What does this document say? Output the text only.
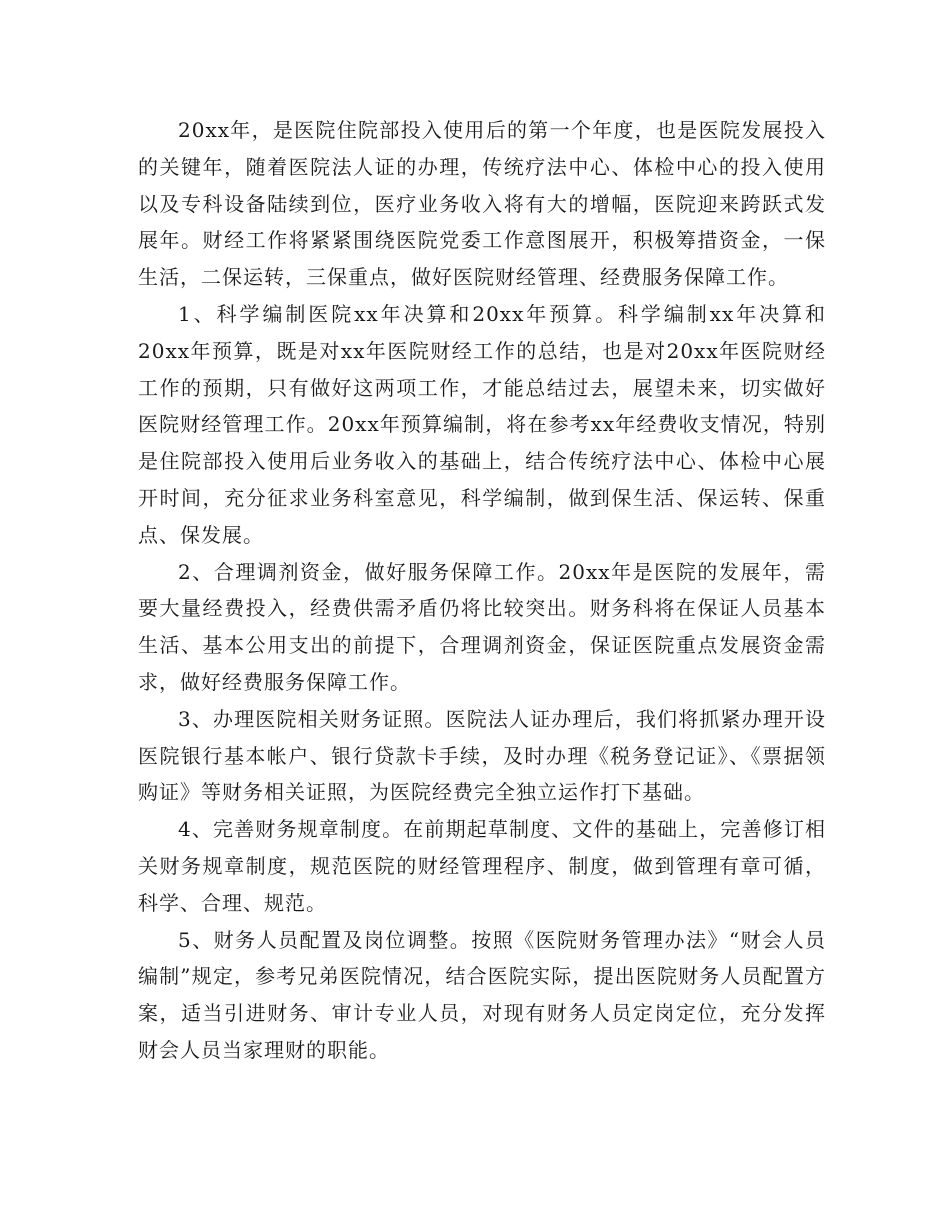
20xx年，是医院住院部投入使用后的第一个年度，也是医院发展投入的关键年，随着医院法人证的办理，传统疗法中心、体检中心的投入使用以及专科设备陆续到位，医疗业务收入将有大的增幅，医院迎来跨跃式发展年。财经工作将紧紧围绕医院党委工作意图展开，积极筹措资金，一保生活，二保运转，三保重点，做好医院财经管理、经费服务保障工作。

1、科学编制医院xx年决算和20xx年预算。科学编制xx年决算和20xx年预算，既是对xx年医院财经工作的总结，也是对20xx年医院财经工作的预期，只有做好这两项工作，才能总结过去，展望未来，切实做好医院财经管理工作。20xx年预算编制，将在参考xx年经费收支情况，特别是住院部投入使用后业务收入的基础上，结合传统疗法中心、体检中心展开时间，充分征求业务科室意见，科学编制，做到保生活、保运转、保重点、保发展。

2、合理调剂资金，做好服务保障工作。20xx年是医院的发展年，需要大量经费投入，经费供需矛盾仍将比较突出。财务科将在保证人员基本生活、基本公用支出的前提下，合理调剂资金，保证医院重点发展资金需求，做好经费服务保障工作。

3、办理医院相关财务证照。医院法人证办理后，我们将抓紧办理开设医院银行基本帐户、银行贷款卡手续，及时办理《税务登记证》、《票据领购证》等财务相关证照，为医院经费完全独立运作打下基础。

4、完善财务规章制度。在前期起草制度、文件的基础上，完善修订相关财务规章制度，规范医院的财经管理程序、制度，做到管理有章可循，科学、合理、规范。

5、财务人员配置及岗位调整。按照《医院财务管理办法》“财会人员编制”规定，参考兄弟医院情况，结合医院实际，提出医院财务人员配置方案，适当引进财务、审计专业人员，对现有财务人员定岗定位，充分发挥财会人员当家理财的职能。
